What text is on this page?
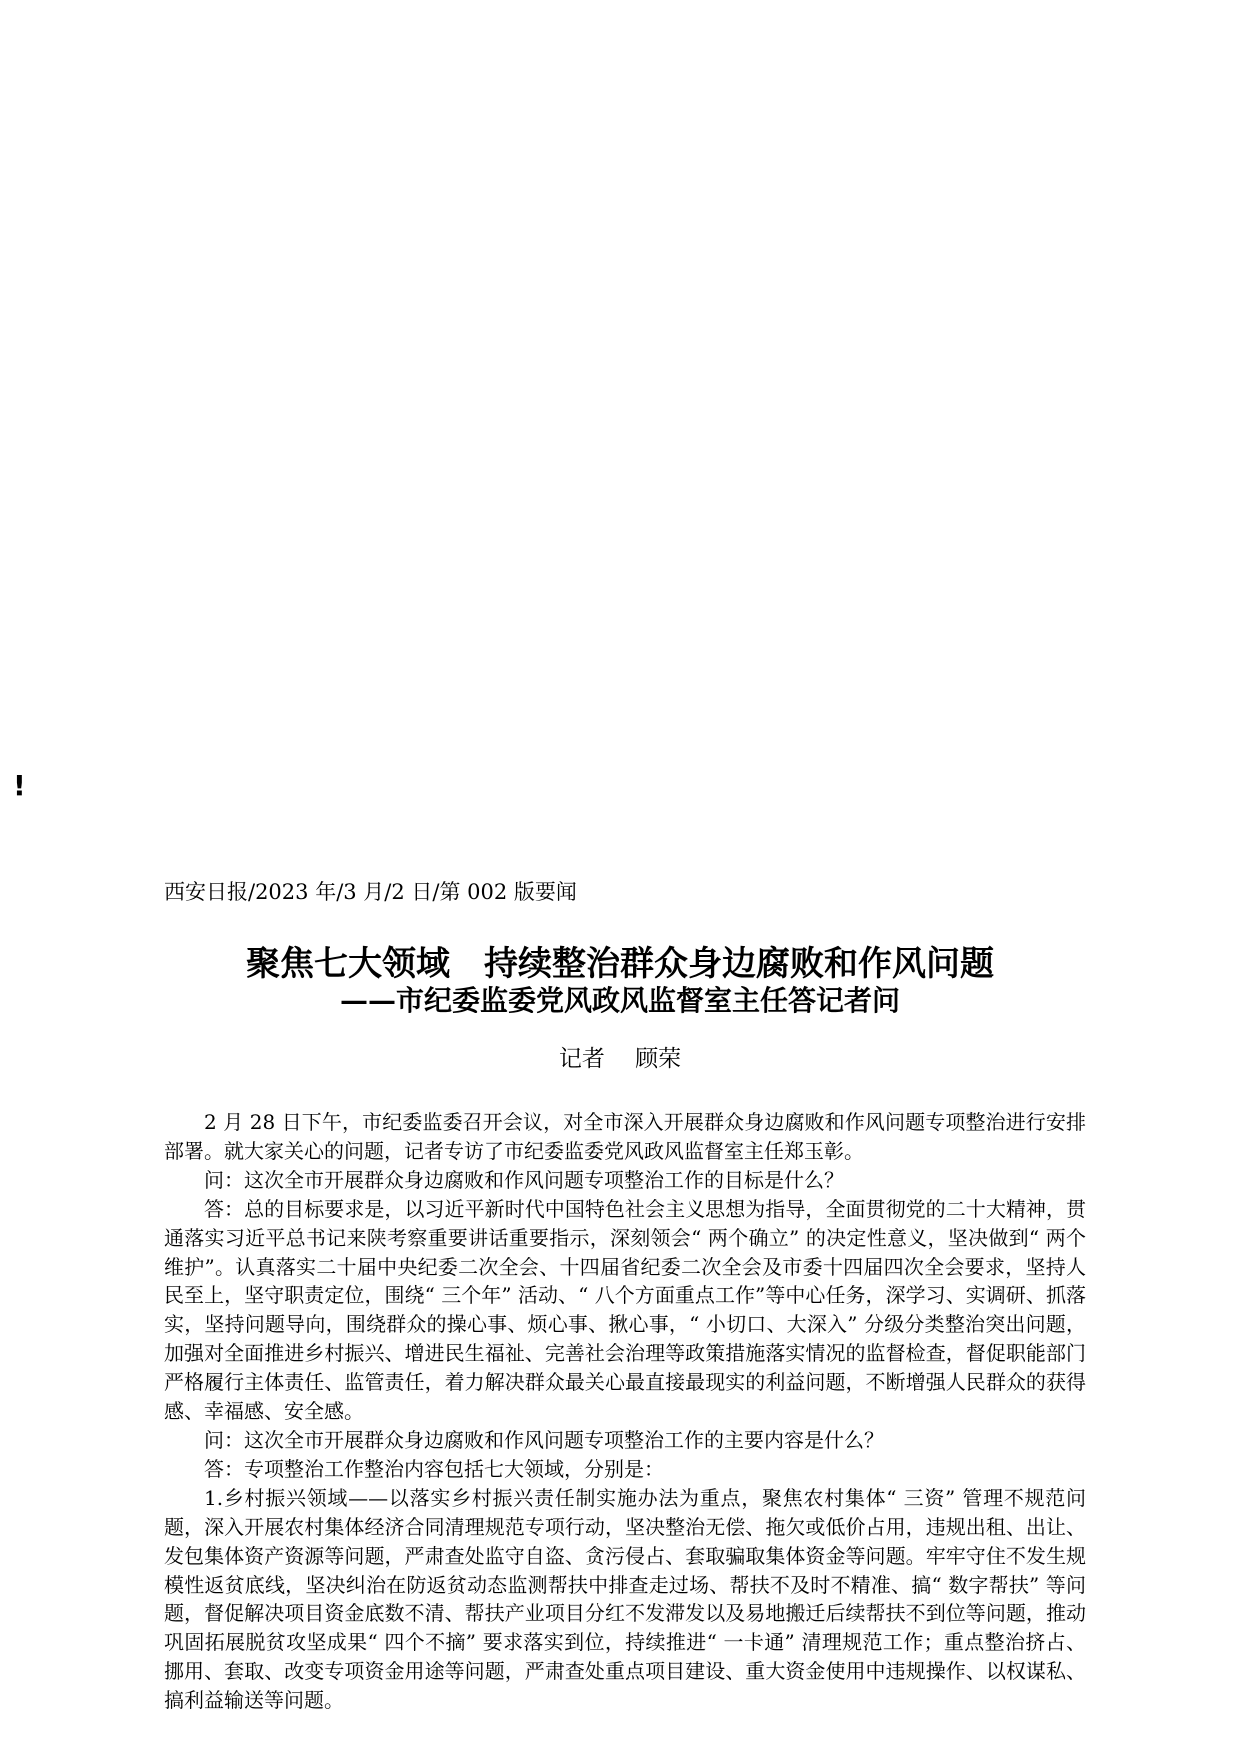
!
西安日报/2023 年/3 月/2 日/第 002 版要闻
聚焦七大领域　持续整治群众身边腐败和作风问题
——市纪委监委党风政风监督室主任答记者问
记者　 顾荣

2 月 28 日下午，市纪委监委召开会议，对全市深入开展群众身边腐败和作风问题专项整治进行安排部署。就大家关心的问题，记者专访了市纪委监委党风政风监督室主任郑玉彰。

问：这次全市开展群众身边腐败和作风问题专项整治工作的目标是什么？

答：总的目标要求是，以习近平新时代中国特色社会主义思想为指导，全面贯彻党的二十大精神，贯通落实习近平总书记来陕考察重要讲话重要指示，深刻领会“ 两个确立” 的决定性意义，坚决做到“ 两个维护”。认真落实二十届中央纪委二次全会、十四届省纪委二次全会及市委十四届四次全会要求，坚持人民至上，坚守职责定位，围绕“ 三个年” 活动、“ 八个方面重点工作”等中心任务，深学习、实调研、抓落实，坚持问题导向，围绕群众的操心事、烦心事、揪心事，“ 小切口、大深入” 分级分类整治突出问题，加强对全面推进乡村振兴、增进民生福祉、完善社会治理等政策措施落实情况的监督检查，督促职能部门严格履行主体责任、监管责任，着力解决群众最关心最直接最现实的利益问题，不断增强人民群众的获得感、幸福感、安全感。

问：这次全市开展群众身边腐败和作风问题专项整治工作的主要内容是什么？

答：专项整治工作整治内容包括七大领域，分别是：

1.乡村振兴领域——以落实乡村振兴责任制实施办法为重点，聚焦农村集体“ 三资” 管理不规范问题，深入开展农村集体经济合同清理规范专项行动，坚决整治无偿、拖欠或低价占用，违规出租、出让、发包集体资产资源等问题，严肃查处监守自盗、贪污侵占、套取骗取集体资金等问题。牢牢守住不发生规模性返贫底线，坚决纠治在防返贫动态监测帮扶中排查走过场、帮扶不及时不精准、搞“ 数字帮扶” 等问题，督促解决项目资金底数不清、帮扶产业项目分红不发滞发以及易地搬迁后续帮扶不到位等问题，推动巩固拓展脱贫攻坚成果“ 四个不摘” 要求落实到位，持续推进“ 一卡通” 清理规范工作；重点整治挤占、挪用、套取、改变专项资金用途等问题，严肃查处重点项目建设、重大资金使用中违规操作、以权谋私、搞利益输送等问题。
